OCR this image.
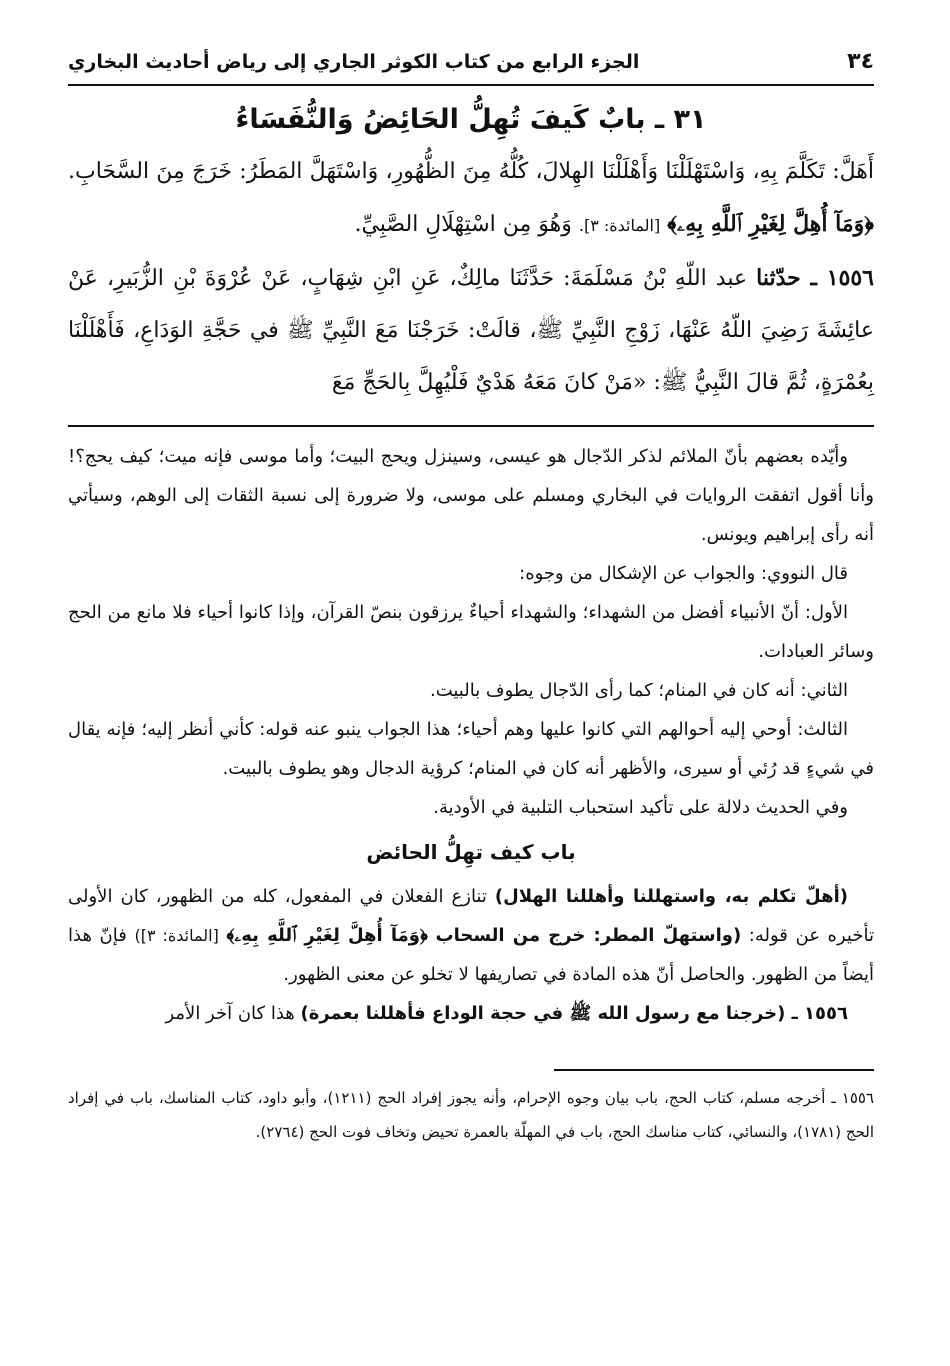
٣٤
الجزء الرابع من كتاب الكوثر الجاري إلى رياض أحاديث البخاري
٣١ ـ بابٌ كَيفَ تُهِلُّ الحَائِضُ وَالنُّفَسَاءُ

أَهَلَّ: تَكَلَّمَ بِهِ، وَاسْتَهْلَلْنَا وَأَهْلَلْنَا الهِلالَ، كُلُّهُ مِنَ الظُّهُورِ، وَاسْتَهَلَّ المَطَرُ: خَرَجَ مِنَ السَّحَابِ. ﴿وَمَآ أُهِلَّ لِغَيْرِ ٱللَّهِ بِهِۦ﴾ [المائدة: ٣]. وَهُوَ مِن اسْتِهْلَالِ الصَّبِيِّ.

١٥٥٦ ـ حدّثنا عبد اللّهِ بْنُ مَسْلَمَةَ: حَدَّثَنَا مالِكٌ، عَنِ ابْنِ شِهَابٍ، عَنْ عُرْوَةَ بْنِ الزُّبَيرِ، عَنْ عائِشَةَ رَضِيَ اللّهُ عَنْهَا، زَوْجِ النَّبِيِّ ﷺ، قالَتْ: خَرَجْنَا مَعَ النَّبِيِّ ﷺ في حَجَّةِ الوَدَاعِ، فَأَهْلَلْنَا بِعُمْرَةٍ، ثُمَّ قالَ النَّبِيُّ ﷺ: «مَنْ كانَ مَعَهُ هَدْيٌ فَلْيُهِلَّ بِالحَجِّ مَعَ

وأيّده بعضهم بأنّ الملائم لذكر الدّجال هو عيسى، وسينزل ويحج البيت؛ وأما موسى فإنه ميت؛ كيف يحج؟! وأنا أقول اتفقت الروايات في البخاري ومسلم على موسى، ولا ضرورة إلى نسبة الثقات إلى الوهم، وسيأتي أنه رأى إبراهيم ويونس.

قال النووي: والجواب عن الإشكال من وجوه:

الأول: أنّ الأنبياء أفضل من الشهداء؛ والشهداء أحياءٌ يرزقون بنصّ القرآن، وإذا كانوا أحياء فلا مانع من الحج وسائر العبادات.

الثاني: أنه كان في المنام؛ كما رأى الدّجال يطوف بالبيت.

الثالث: أوحي إليه أحوالهم التي كانوا عليها وهم أحياء؛ هذا الجواب ينبو عنه قوله: كأني أنظر إليه؛ فإنه يقال في شيءٍ قد رُئي أو سيرى، والأظهر أنه كان في المنام؛ كرؤية الدجال وهو يطوف بالبيت.

وفي الحديث دلالة على تأكيد استحباب التلبية في الأودية.

باب كيف تهِلُّ الحائض

(أهلّ تكلم به، واستهللنا وأهللنا الهلال) تنازع الفعلان في المفعول، كله من الظهور، كان الأولى تأخيره عن قوله: (واستهلّ المطر: خرج من السحاب ﴿وَمَآ أُهِلَّ لِغَيْرِ ٱللَّهِ بِهِۦ﴾ [المائدة: ٣]) فإنّ هذا أيضاً من الظهور. والحاصل أنّ هذه المادة في تصاريفها لا تخلو عن معنى الظهور.

١٥٥٦ ـ (خرجنا مع رسول الله ﷺ في حجة الوداع فأهللنا بعمرة) هذا كان آخر الأمر

١٥٥٦ ـ أخرجه مسلم، كتاب الحج، باب بيان وجوه الإحرام، وأنه يجوز إفراد الحج (١٢١١)، وأبو داود، كتاب المناسك، باب في إفراد الحج (١٧٨١)، والنسائي، كتاب مناسك الحج، باب في المهلّة بالعمرة تحيض وتخاف فوت الحج (٢٧٦٤).
